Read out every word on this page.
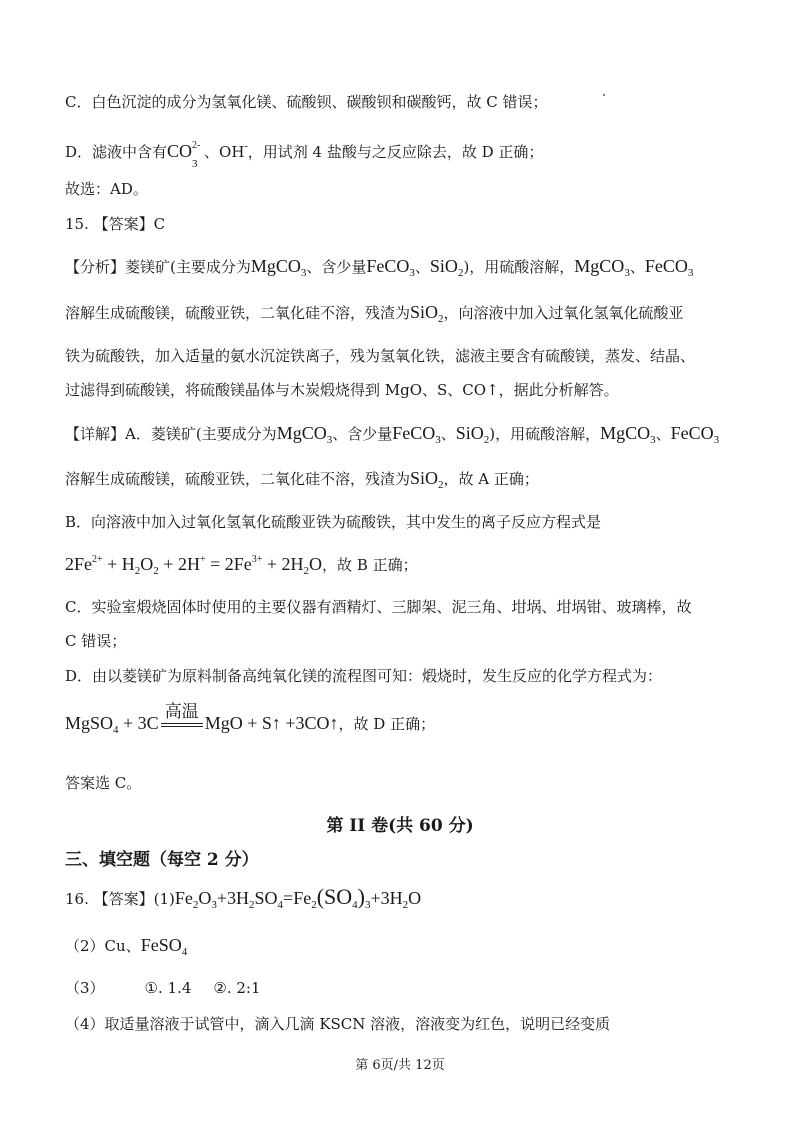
C．白色沉淀的成分为氢氧化镁、硫酸钡、碳酸钡和碳酸钙，故 C 错误；
D．滤液中含有CO 2-
3
、OH-，用试剂 4 盐酸与之反应除去，故 D 正确；
故选：AD。
15. 【答案】C
【分析】菱镁矿(主要成分为MgCO$_3$、含少量FeCO$_3$、SiO$_2$)，用硫酸溶解，MgCO$_3$、FeCO$_3$
溶解生成硫酸镁，硫酸亚铁，二氧化硅不溶，残渣为SiO$_2$，向溶液中加入过氧化氢氧化硫酸亚
铁为硫酸铁，加入适量的氨水沉淀铁离子，残为氢氧化铁，滤液主要含有硫酸镁，蒸发、结晶、
过滤得到硫酸镁，将硫酸镁晶体与木炭煅烧得到 MgO、S、CO↑，据此分析解答。
【详解】A．菱镁矿(主要成分为MgCO$_3$、含少量FeCO$_3$、SiO$_2$)，用硫酸溶解，MgCO$_3$、FeCO$_3$
溶解生成硫酸镁，硫酸亚铁，二氧化硅不溶，残渣为SiO$_2$，故 A 正确；
B．向溶液中加入过氧化氢氧化硫酸亚铁为硫酸铁，其中发生的离子反应方程式是
$2Fe^{2+} + H_2O_2 + 2H^+ = 2Fe^{3+} + 2H_2O$，故 B 正确；
C．实验室煅烧固体时使用的主要仪器有酒精灯、三脚架、泥三角、坩埚、坩埚钳、玻璃棒，故
C 错误；
D．由以菱镁矿为原料制备高纯氧化镁的流程图可知：煅烧时，发生反应的化学方程式为：
MgSO$_4$ + 3C
高温
MgO + S↑ +3CO↑，故 D 正确；
答案选 C。
第 II 卷(共 60 分)
三、填空题（每空 2 分）
16. 【答案】$(1)Fe_2O_3+3H_2SO_4=Fe_2(SO_4)_3+3H_2O$
（2）Cu、FeSO$_4$
（3）	①. 1.4 ②. 2:1
（4）取适量溶液于试管中，滴入几滴 KSCN 溶液，溶液变为红色，说明已经变质
第 6页/共 12页
